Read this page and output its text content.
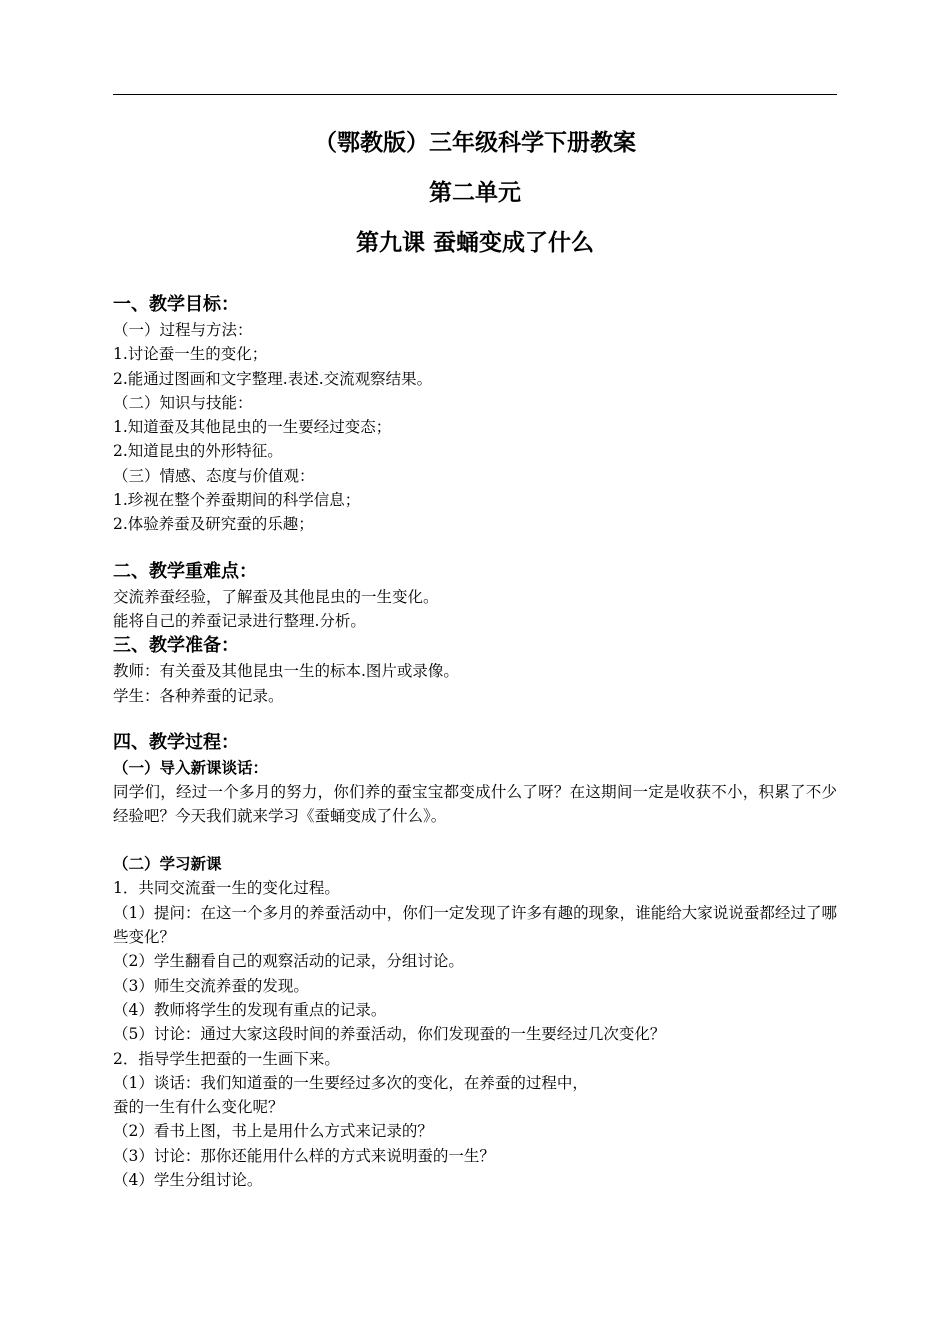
（鄂教版）三年级科学下册教案
第二单元
第九课 蚕蛹变成了什么
一、教学目标：

（一）过程与方法：

1.讨论蚕一生的变化；

2.能通过图画和文字整理.表述.交流观察结果。

（二）知识与技能：

1.知道蚕及其他昆虫的一生要经过变态；

2.知道昆虫的外形特征。

（三）情感、态度与价值观：

1.珍视在整个养蚕期间的科学信息；

2.体验养蚕及研究蚕的乐趣；

二、教学重难点：

交流养蚕经验，了解蚕及其他昆虫的一生变化。

能将自己的养蚕记录进行整理.分析。

三、教学准备：

教师：有关蚕及其他昆虫一生的标本.图片或录像。

学生：各种养蚕的记录。

四、教学过程：
（一）导入新课谈话：

同学们，经过一个多月的努力，你们养的蚕宝宝都变成什么了呀？在这期间一定是收获不小，积累了不少经验吧？今天我们就来学习《蚕蛹变成了什么》。

（二）学习新课

1．共同交流蚕一生的变化过程。

（1）提问：在这一个多月的养蚕活动中，你们一定发现了许多有趣的现象，谁能给大家说说蚕都经过了哪些变化？

（2）学生翻看自己的观察活动的记录，分组讨论。

（3）师生交流养蚕的发现。

（4）教师将学生的发现有重点的记录。

（5）讨论：通过大家这段时间的养蚕活动，你们发现蚕的一生要经过几次变化？

2．指导学生把蚕的一生画下来。

（1）谈话：我们知道蚕的一生要经过多次的变化，在养蚕的过程中，

蚕的一生有什么变化呢？

（2）看书上图，书上是用什么方式来记录的？

（3）讨论：那你还能用什么样的方式来说明蚕的一生？

（4）学生分组讨论。
